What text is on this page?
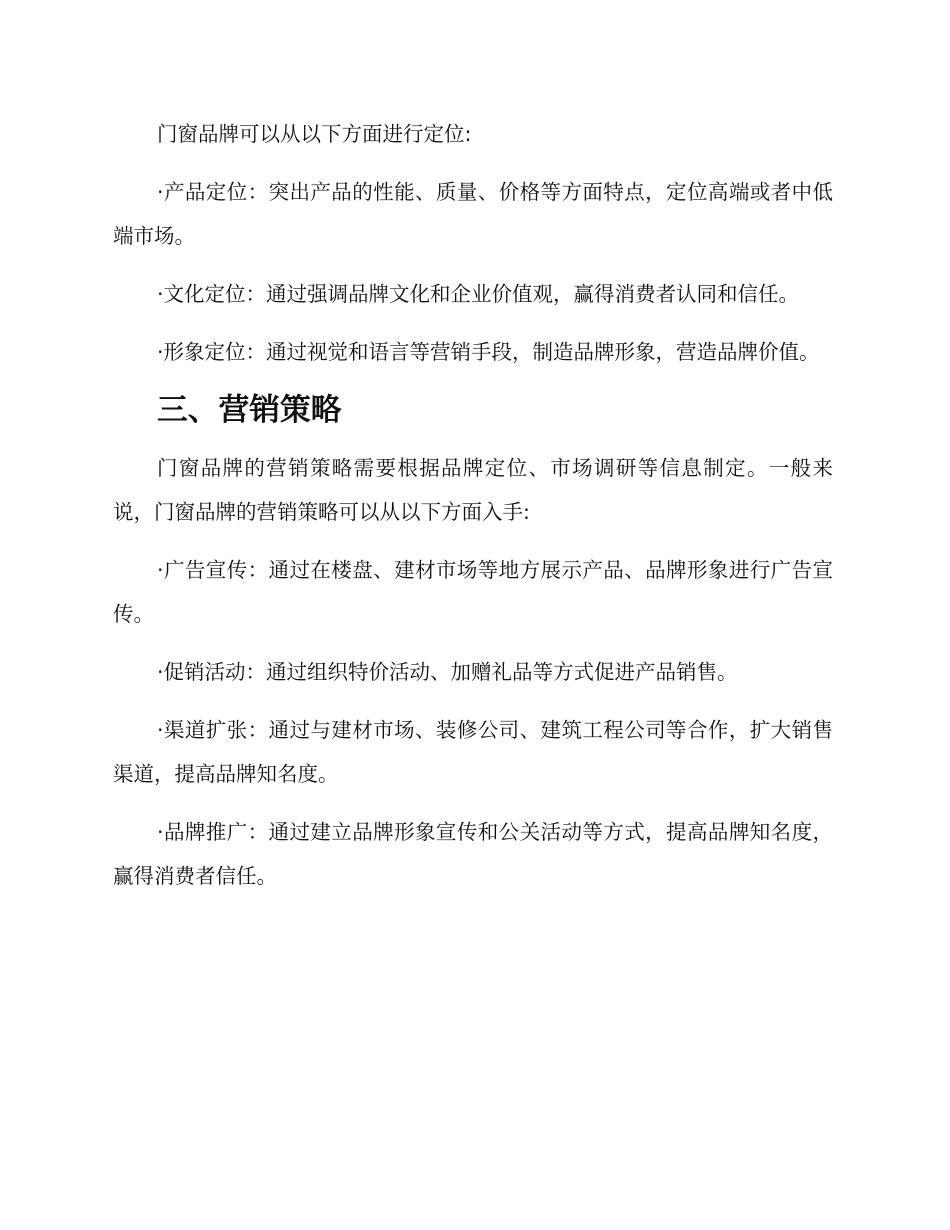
门窗品牌可以从以下方面进行定位:

·产品定位：突出产品的性能、质量、价格等方面特点，定位高端或者中低端市场。

·文化定位：通过强调品牌文化和企业价值观，赢得消费者认同和信任。

·形象定位：通过视觉和语言等营销手段，制造品牌形象，营造品牌价值。

三、营销策略

门窗品牌的营销策略需要根据品牌定位、市场调研等信息制定。一般来说，门窗品牌的营销策略可以从以下方面入手:

·广告宣传：通过在楼盘、建材市场等地方展示产品、品牌形象进行广告宣传。

·促销活动：通过组织特价活动、加赠礼品等方式促进产品销售。

·渠道扩张：通过与建材市场、装修公司、建筑工程公司等合作，扩大销售渠道，提高品牌知名度。

·品牌推广：通过建立品牌形象宣传和公关活动等方式，提高品牌知名度，赢得消费者信任。
